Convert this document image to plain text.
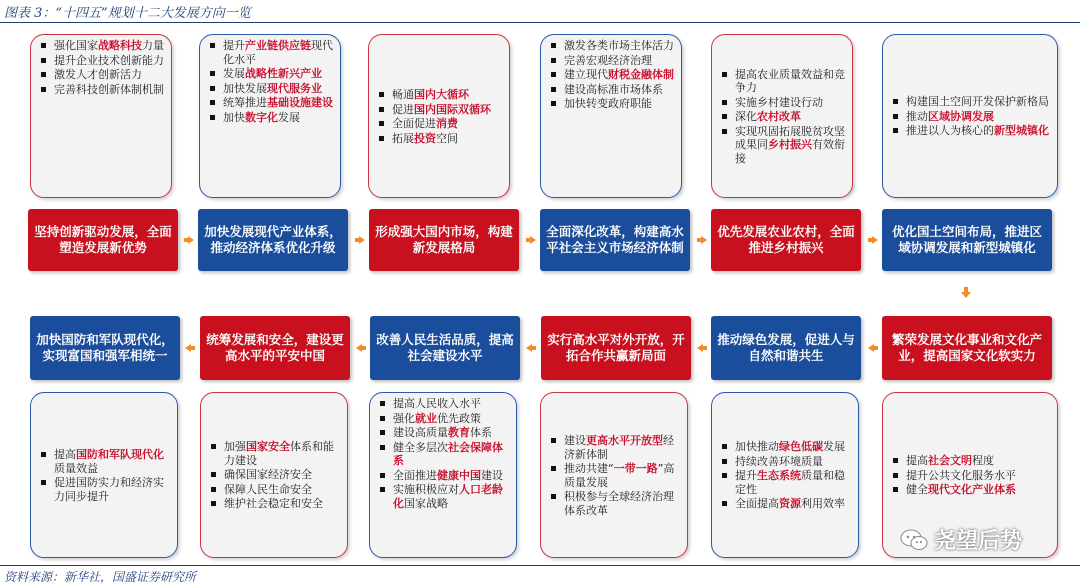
图表 3：“十四五”规划十二大发展方向一览
强化国家战略科技力量
提升企业技术创新能力
激发人才创新活力
完善科技创新体制机制
提升产业链供应链现代化水平
发展战略性新兴产业
加快发展现代服务业
统筹推进基础设施建设
加快数字化发展
畅通国内大循环
促进国内国际双循环
全面促进消费
拓展投资空间
激发各类市场主体活力
完善宏观经济治理
建立现代财税金融体制
建设高标准市场体系
加快转变政府职能
提高农业质量效益和竞争力
实施乡村建设行动
深化农村改革
实现巩固拓展脱贫攻坚成果同乡村振兴有效衔接
构建国土空间开发保护新格局
推动区域协调发展
推进以人为核心的新型城镇化
坚持创新驱动发展，全面塑造发展新优势
加快发展现代产业体系，推动经济体系优化升级
形成强大国内市场，构建新发展格局
全面深化改革，构建高水平社会主义市场经济体制
优先发展农业农村，全面推进乡村振兴
优化国土空间布局，推进区域协调发展和新型城镇化
加快国防和军队现代化，实现富国和强军相统一
统筹发展和安全，建设更高水平的平安中国
改善人民生活品质，提高社会建设水平
实行高水平对外开放，开拓合作共赢新局面
推动绿色发展，促进人与自然和谐共生
繁荣发展文化事业和文化产业，提高国家文化软实力
提高国防和军队现代化质量效益
促进国防实力和经济实力同步提升
加强国家安全体系和能力建设
确保国家经济安全
保障人民生命安全
维护社会稳定和安全
提高人民收入水平
强化就业优先政策
建设高质量教育体系
健全多层次社会保障体系
全面推进健康中国建设
实施积极应对人口老龄化国家战略
建设更高水平开放型经济新体制
推动共建“一带一路”高质量发展
积极参与全球经济治理体系改革
加快推动绿色低碳发展
持续改善环境质量
提升生态系统质量和稳定性
全面提高资源利用效率
提高社会文明程度
提升公共文化服务水平
健全现代文化产业体系
尧望后势
资料来源：新华社，国盛证券研究所
